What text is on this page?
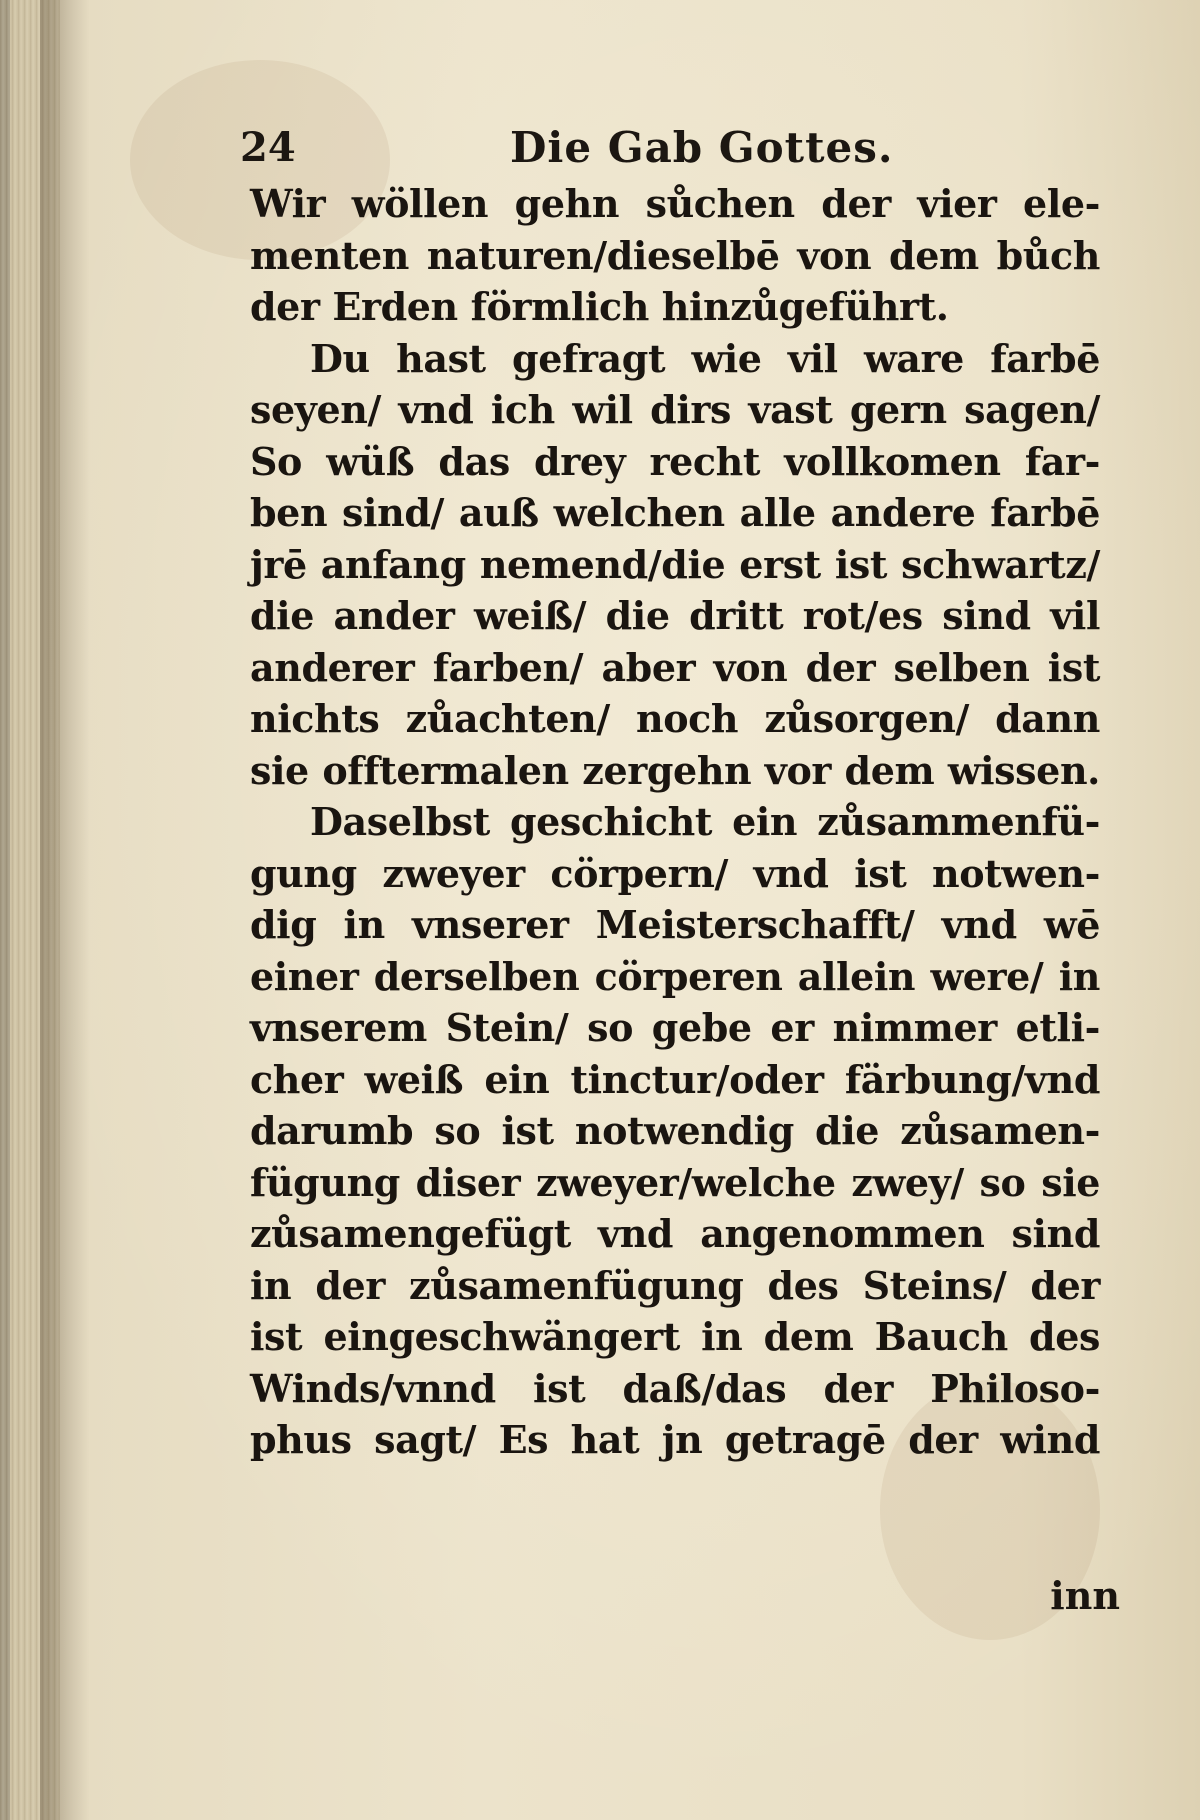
24	Die Gab Gottes.
Wir wöllen gehn sůchen der vier ele-
menten naturen/dieselbē von dem bůch
der Erden förmlich hinzůgeführt.
Du hast gefragt wie vil ware farbē
seyen/ vnd ich wil dirs vast gern sagen/
So wüß das drey recht vollkomen far-
ben sind/ auß welchen alle andere farbē
jrē anfang nemend/die erst ist schwartz/
die ander weiß/ die dritt rot/es sind vil
anderer farben/ aber von der selben ist
nichts zůachten/ noch zůsorgen/ dann
sie offtermalen zergehn vor dem wissen.
Daselbst geschicht ein zůsammenfü-
gung zweyer cörpern/ vnd ist notwen-
dig in vnserer Meisterschafft/ vnd wē
einer derselben cörperen allein were/ in
vnserem Stein/ so gebe er nimmer etli-
cher weiß ein tinctur/oder färbung/vnd
darumb so ist notwendig die zůsamen-
fügung diser zweyer/welche zwey/ so sie
zůsamengefügt vnd angenommen sind
in der zůsamenfügung des Steins/ der
ist eingeschwängert in dem Bauch des
Winds/vnnd ist daß/das der Philoso-
phus sagt/ Es hat jn getragē der wind
inn
